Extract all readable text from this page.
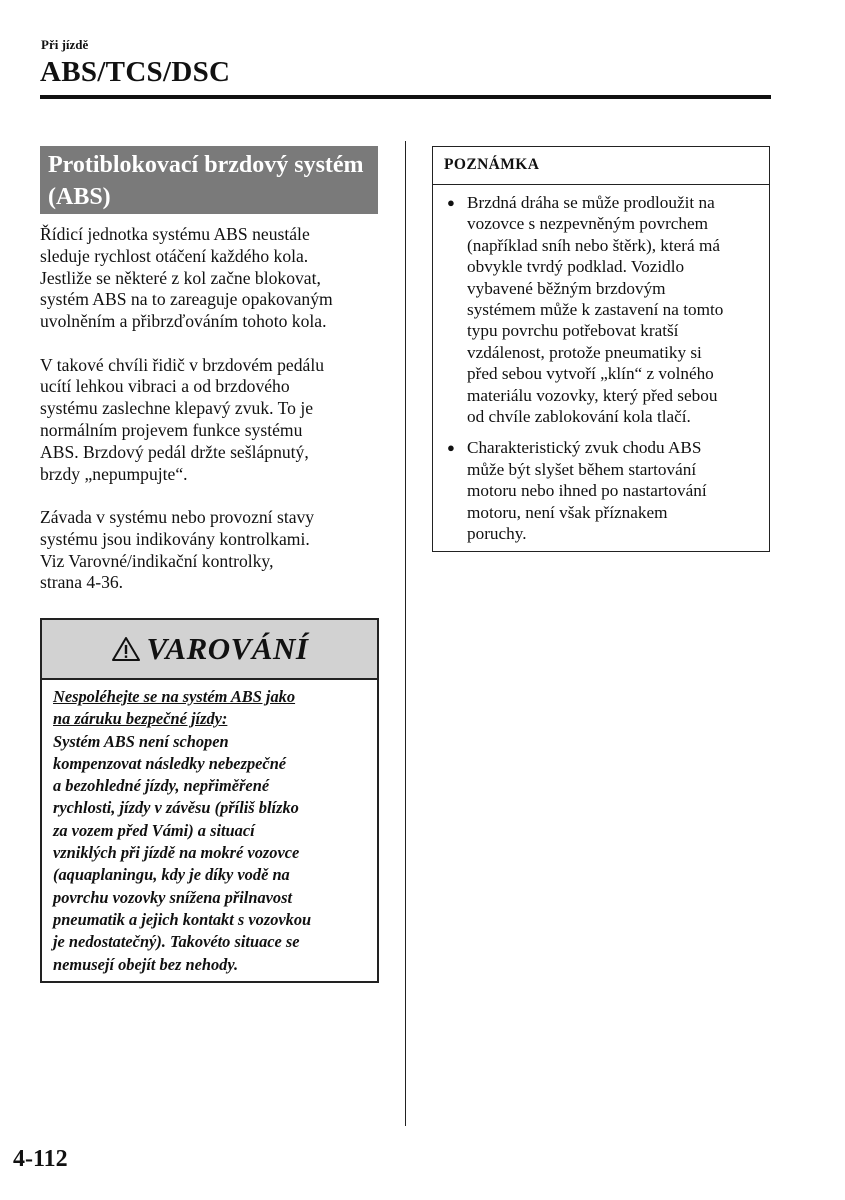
Při jízdě
ABS/TCS/DSC
Protiblokovací brzdový systém (ABS)

Řídicí jednotka systému ABS neustále
sleduje rychlost otáčení každého kola.
Jestliže se některé z kol začne blokovat,
systém ABS na to zareaguje opakovaným
uvolněním a přibrzďováním tohoto kola.

V takové chvíli řidič v brzdovém pedálu
ucítí lehkou vibraci a od brzdového
systému zaslechne klepavý zvuk. To je
normálním projevem funkce systému
ABS. Brzdový pedál držte sešlápnutý,
brzdy „nepumpujte“.

Závada v systému nebo provozní stavy
systému jsou indikovány kontrolkami.
Viz Varovné/indikační kontrolky,
strana 4-36.

VAROVÁNÍ
Nespoléhejte se na systém ABS jako
na záruku bezpečné jízdy:
Systém ABS není schopen
kompenzovat následky nebezpečné
a bezohledné jízdy, nepřiměřené
rychlosti, jízdy v závěsu (příliš blízko
za vozem před Vámi) a situací
vzniklých při jízdě na mokré vozovce
(aquaplaningu, kdy je díky vodě na
povrchu vozovky snížena přilnavost
pneumatik a jejich kontakt s vozovkou
je nedostatečný). Takovéto situace se
nemusejí obejít bez nehody.
POZNÁMKA
● Brzdná dráha se může prodloužit na
vozovce s nezpevněným povrchem
(například sníh nebo štěrk), která má
obvykle tvrdý podklad. Vozidlo
vybavené běžným brzdovým
systémem může k zastavení na tomto
typu povrchu potřebovat kratší
vzdálenost, protože pneumatiky si
před sebou vytvoří „klín“ z volného
materiálu vozovky, který před sebou
od chvíle zablokování kola tlačí.
● Charakteristický zvuk chodu ABS
může být slyšet během startování
motoru nebo ihned po nastartování
motoru, není však příznakem
poruchy.
4-112
